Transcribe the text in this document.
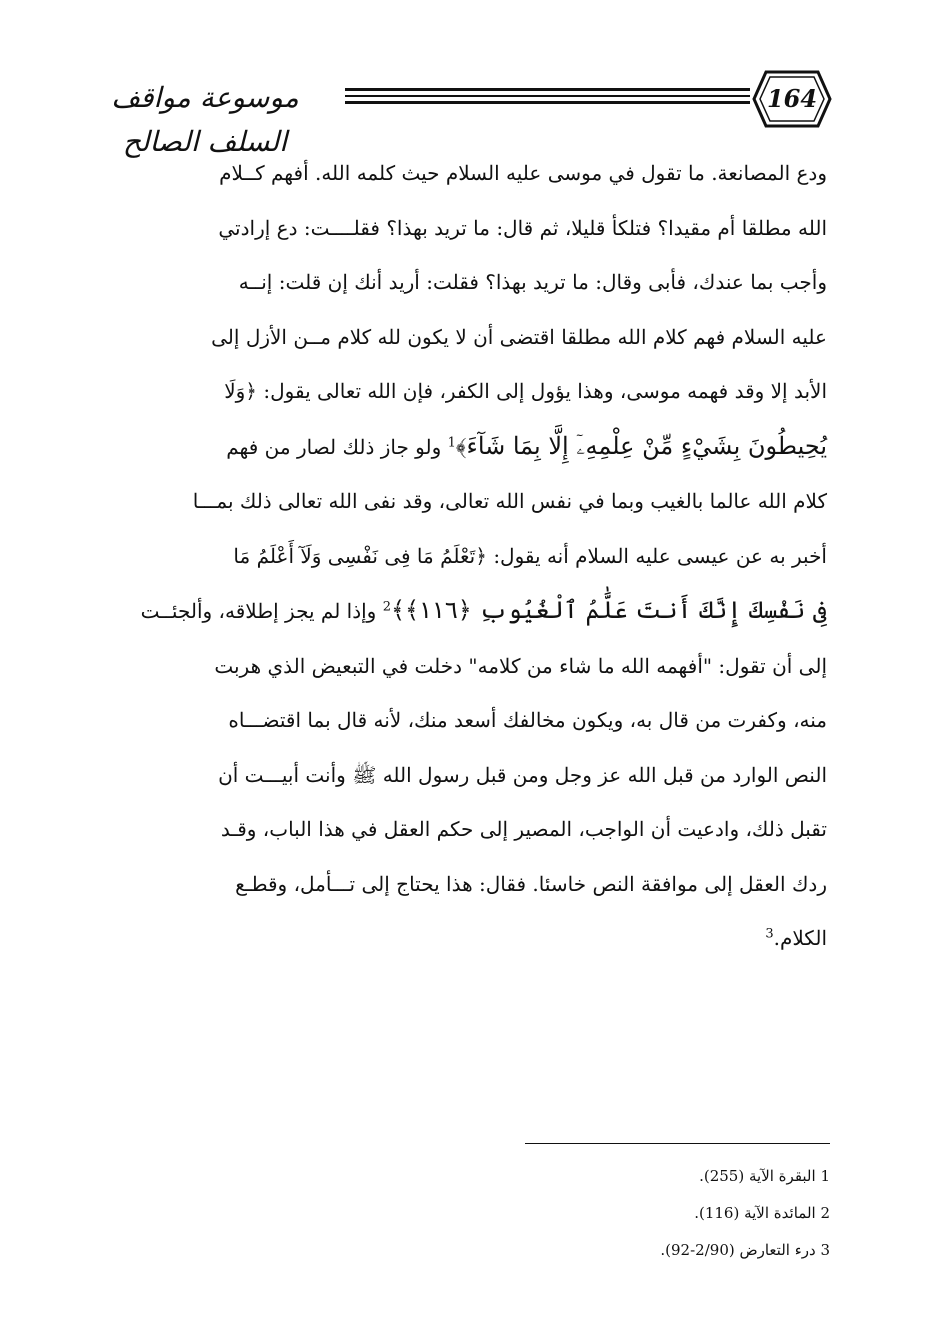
موسوعة مواقف السلف الصالح
164

ودع المصانعة. ما تقول في موسى عليه السلام حيث كلمه الله. أفهم كــلام

الله مطلقا أم مقيدا؟ فتلكأ قليلا، ثم قال: ما تريد بهذا؟ فقلــــت: دع إرادتي

وأجب بما عندك، فأبى وقال: ما تريد بهذا؟ فقلت: أريد أنك إن قلت: إنــه

عليه السلام فهم كلام الله مطلقا اقتضى أن لا يكون لله كلام مــن الأزل إلى

الأبد إلا وقد فهمه موسى، وهذا يؤول إلى الكفر، فإن الله تعالى يقول: ﴿وَلَا

يُحِيطُونَ بِشَيْءٍ مِّنْ عِلْمِهِۦٓ إِلَّا بِمَا شَآءَ﴾$^1$ ولو جاز ذلك لصار من فهم

كلام الله عالما بالغيب وبما في نفس الله تعالى، وقد نفى الله تعالى ذلك بمـــا

أخبر به عن عيسى عليه السلام أنه يقول: ﴿تَعْلَمُ مَا فِى نَفْسِى وَلَآ أَعْلَمُ مَا

فِى نَفْسِكَ إِنَّكَ أَنتَ عَلَّٰمُ ٱلْغُيُوبِ ﴿١١٦﴾﴾$^2$ وإذا لم يجز إطلاقه، وألجئــت

إلى أن تقول: "أفهمه الله ما شاء من كلامه" دخلت في التبعيض الذي هربت

منه، وكفرت من قال به، ويكون مخالفك أسعد منك، لأنه قال بما اقتضـــاه

النص الوارد من قبل الله عز وجل ومن قبل رسول الله ﷺ وأنت أبيـــت أن

تقبل ذلك، وادعيت أن الواجب، المصير إلى حكم العقل في هذا الباب، وقـد

ردك العقل إلى موافقة النص خاسئا. فقال: هذا يحتاج إلى تـــأمل، وقطـع

الكلام.$^3$

1 البقرة الآية (255).

2 المائدة الآية (116).

3 درء التعارض (2/90-92).
